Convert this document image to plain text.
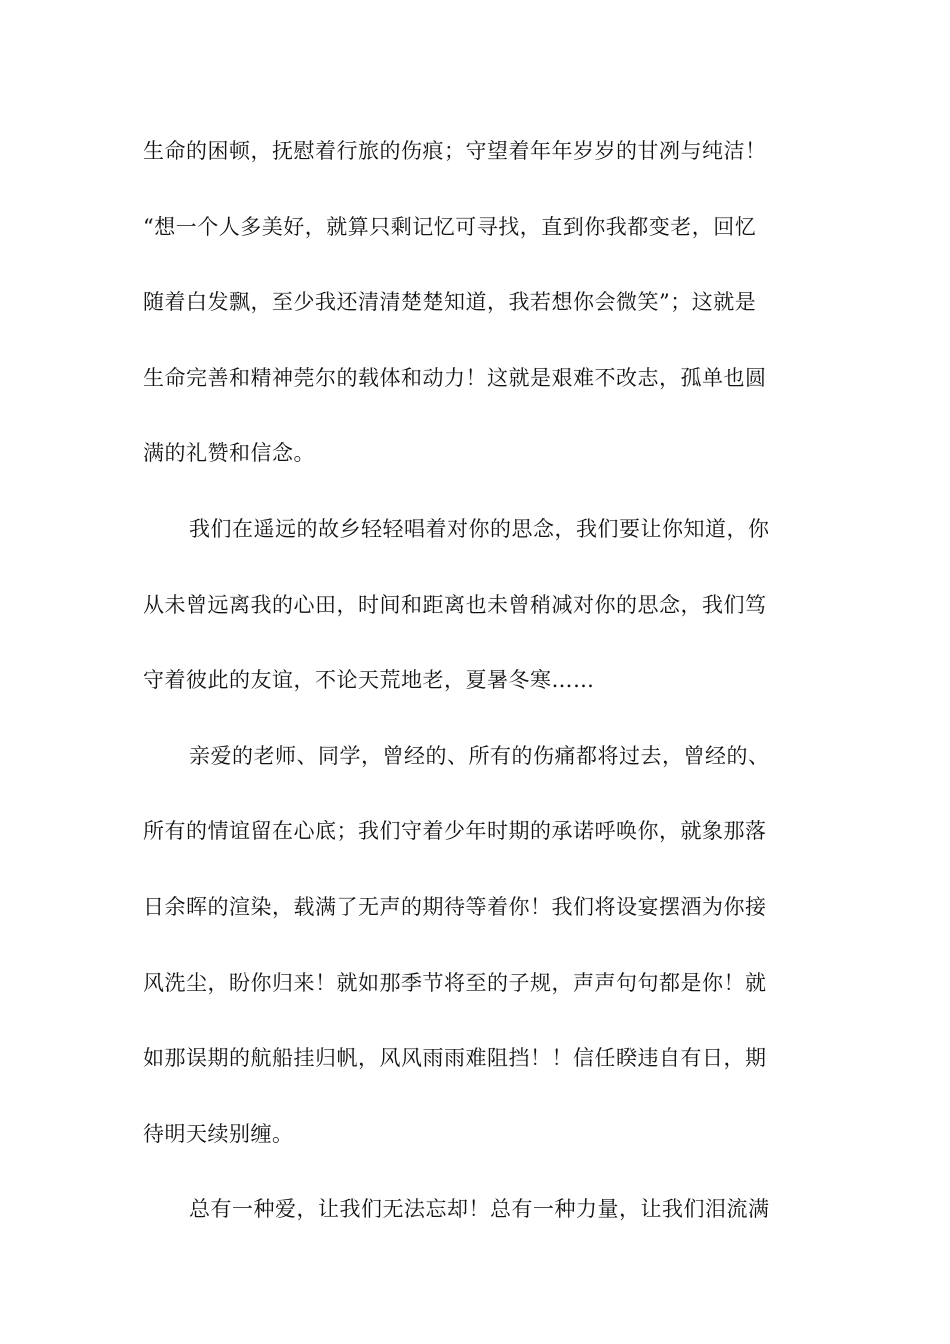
生命的困顿，抚慰着行旅的伤痕；守望着年年岁岁的甘冽与纯洁！
“想一个人多美好，就算只剩记忆可寻找，直到你我都变老，回忆
随着白发飘，至少我还清清楚楚知道，我若想你会微笑”；这就是
生命完善和精神莞尔的载体和动力！这就是艰难不改志，孤单也圆
满的礼赞和信念。
我们在遥远的故乡轻轻唱着对你的思念，我们要让你知道，你
从未曾远离我的心田，时间和距离也未曾稍减对你的思念，我们笃
守着彼此的友谊，不论天荒地老，夏暑冬寒……
亲爱的老师、同学，曾经的、所有的伤痛都将过去，曾经的、
所有的情谊留在心底；我们守着少年时期的承诺呼唤你，就象那落
日余晖的渲染，载满了无声的期待等着你！我们将设宴摆酒为你接
风洗尘，盼你归来！就如那季节将至的子规，声声句句都是你！就
如那误期的航船挂归帆，风风雨雨难阻挡！！信任睽违自有日，期
待明天续别缠。
总有一种爱，让我们无法忘却！总有一种力量，让我们泪流满
